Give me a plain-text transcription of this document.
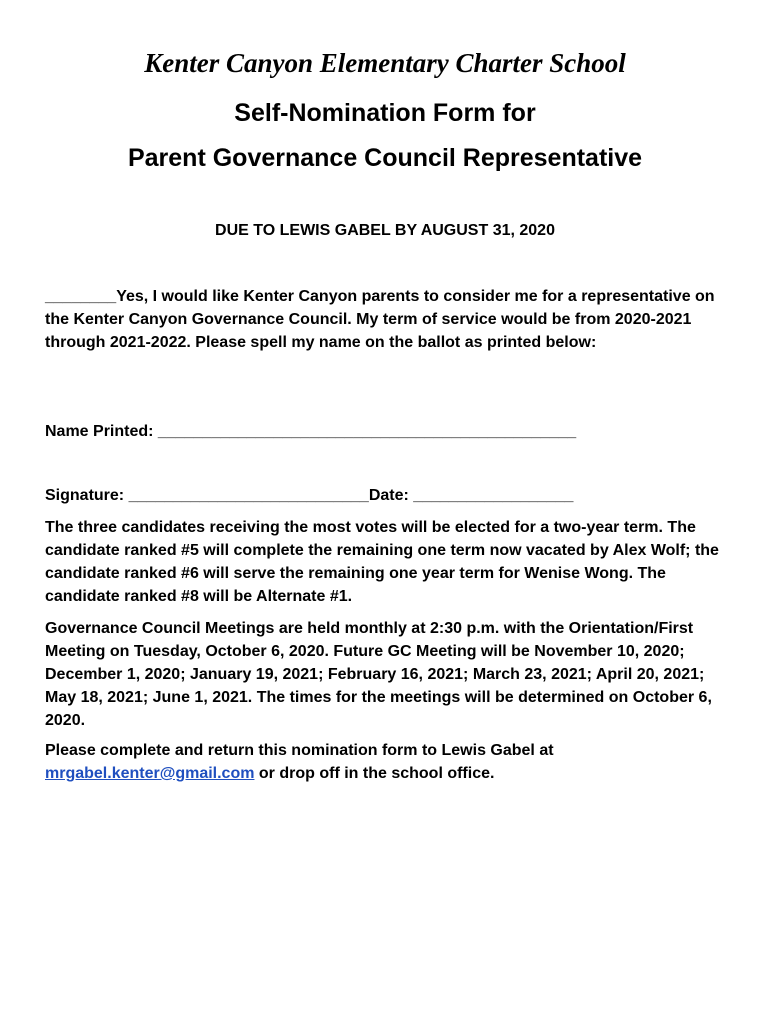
Kenter Canyon Elementary Charter School
Self-Nomination Form for
Parent Governance Council Representative
DUE TO LEWIS GABEL BY AUGUST 31, 2020

________Yes, I would like Kenter Canyon parents to consider me for a representative on the Kenter Canyon Governance Council. My term of service would be from 2020-2021 through 2021-2022. Please spell my name on the ballot as printed below:

Name Printed: _______________________________________________

Signature: ___________________________Date: __________________

The three candidates receiving the most votes will be elected for a two-year term. The candidate ranked #5 will complete the remaining one term now vacated by Alex Wolf; the candidate ranked #6 will serve the remaining one year term for Wenise Wong. The candidate ranked #8 will be Alternate #1.

Governance Council Meetings are held monthly at 2:30 p.m. with the Orientation/First Meeting on Tuesday, October 6, 2020. Future GC Meeting will be November 10, 2020; December 1, 2020; January 19, 2021; February 16, 2021; March 23, 2021; April 20, 2021; May 18, 2021; June 1, 2021. The times for the meetings will be determined on October 6, 2020.

Please complete and return this nomination form to Lewis Gabel at mrgabel.kenter@gmail.com or drop off in the school office.
